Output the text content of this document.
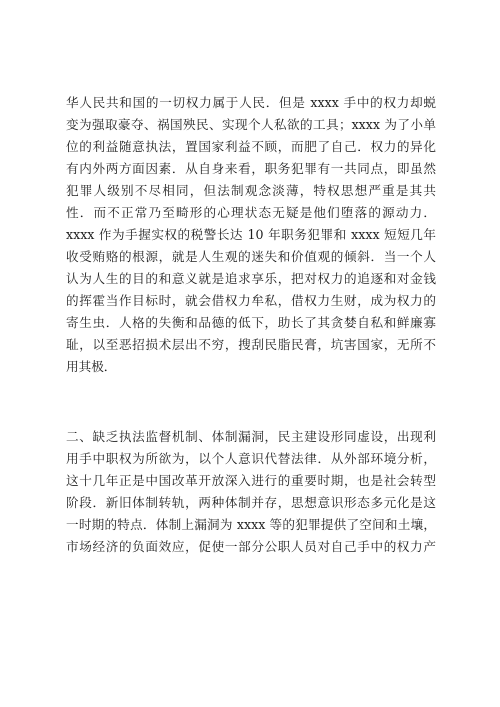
华人民共和国的一切权力属于人民．但是 xxxx 手中的权力却蜕
变为强取豪夺、祸国殃民、实现个人私欲的工具；xxxx 为了小单
位的利益随意执法，置国家利益不顾，而肥了自己．权力的异化
有内外两方面因素．从自身来看，职务犯罪有一共同点，即虽然
犯罪人级别不尽相同，但法制观念淡薄，特权思想严重是其共
性．而不正常乃至畸形的心理状态无疑是他们堕落的源动力．
xxxx 作为手握实权的税警长达 10 年职务犯罪和 xxxx 短短几年
收受贿赂的根源，就是人生观的迷失和价值观的倾斜．当一个人
认为人生的目的和意义就是追求享乐，把对权力的追逐和对金钱
的挥霍当作目标时，就会借权力牟私，借权力生财，成为权力的
寄生虫．人格的失衡和品德的低下，助长了其贪婪自私和鲜廉寡
耻，以至恶招损术层出不穷，搜刮民脂民膏，坑害国家，无所不
用其极．
二、缺乏执法监督机制、体制漏洞，民主建设形同虚设，出现利
用手中职权为所欲为，以个人意识代替法律．从外部环境分析，
这十几年正是中国改革开放深入进行的重要时期，也是社会转型
阶段．新旧体制转轨，两种体制并存，思想意识形态多元化是这
一时期的特点．体制上漏洞为 xxxx 等的犯罪提供了空间和土壤，
市场经济的负面效应，促使一部分公职人员对自己手中的权力产
